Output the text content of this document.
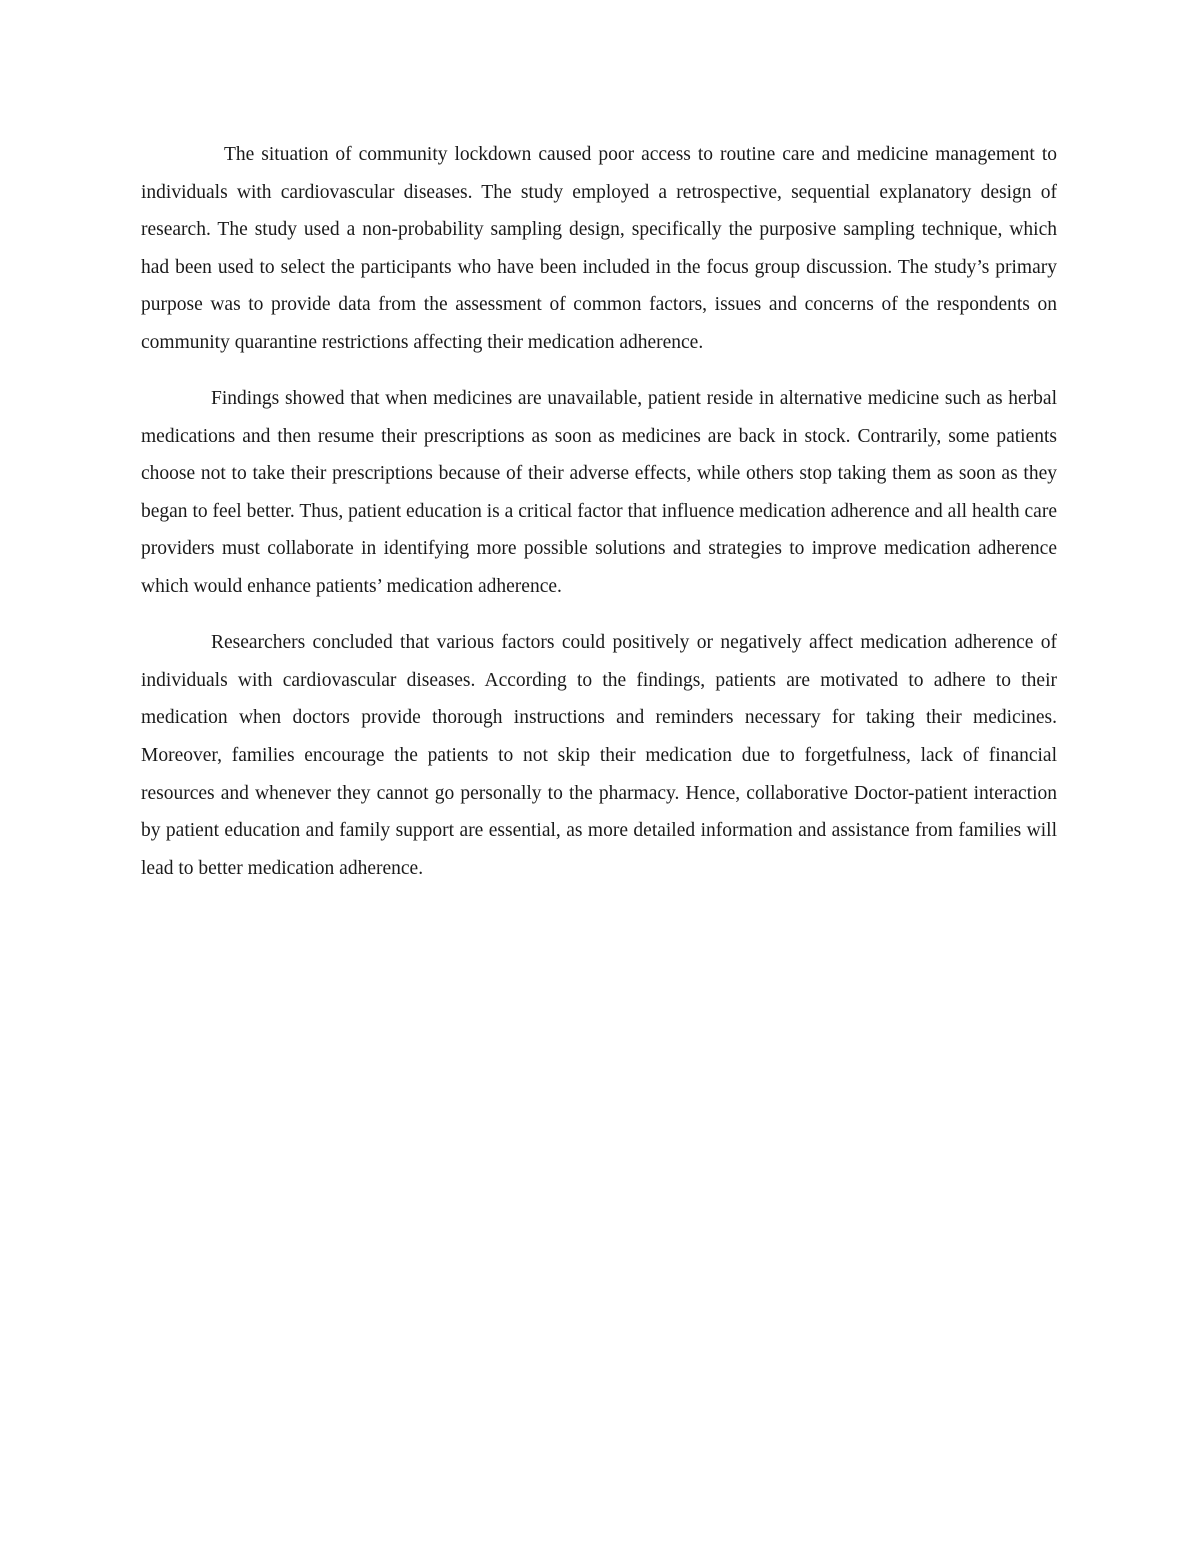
The situation of community lockdown caused poor access to routine care and medicine management to individuals with cardiovascular diseases. The study employed a retrospective, sequential explanatory design of research. The study used a non-probability sampling design, specifically the purposive sampling technique, which had been used to select the participants who have been included in the focus group discussion. The study’s primary purpose was to provide data from the assessment of common factors, issues and concerns of the respondents on community quarantine restrictions affecting their medication adherence.

Findings showed that when medicines are unavailable, patient reside in alternative medicine such as herbal medications and then resume their prescriptions as soon as medicines are back in stock. Contrarily, some patients choose not to take their prescriptions because of their adverse effects, while others stop taking them as soon as they began to feel better. Thus, patient education is a critical factor that influence medication adherence and all health care providers must collaborate in identifying more possible solutions and strategies to improve medication adherence which would enhance patients’ medication adherence.

Researchers concluded that various factors could positively or negatively affect medication adherence of individuals with cardiovascular diseases. According to the findings, patients are motivated to adhere to their medication when doctors provide thorough instructions and reminders necessary for taking their medicines. Moreover, families encourage the patients to not skip their medication due to forgetfulness, lack of financial resources and whenever they cannot go personally to the pharmacy. Hence, collaborative Doctor-patient interaction by patient education and family support are essential, as more detailed information and assistance from families will lead to better medication adherence.
